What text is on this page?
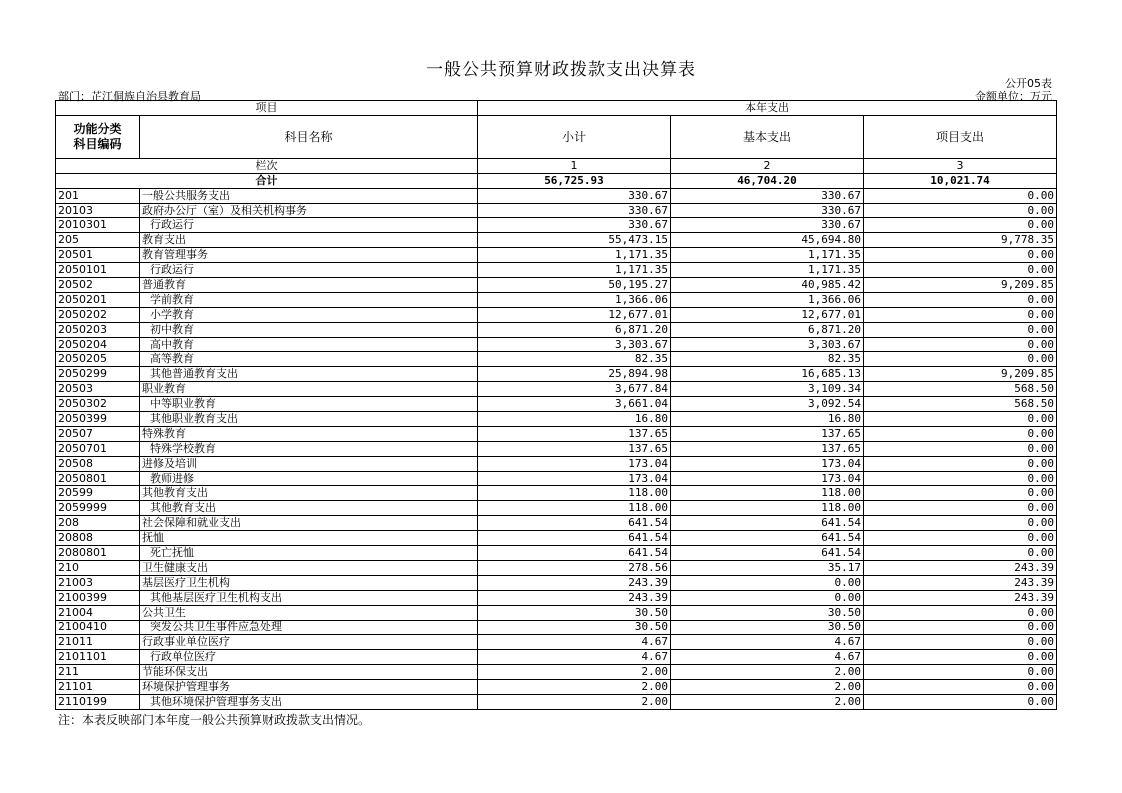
一般公共预算财政拨款支出决算表
公开05表
部门：芷江侗族自治县教育局	金额单位：万元
项目		本年支出		
功能分类
科目编码	科目名称	小计	基本支出	项目支出
栏次		1	2	3
合计		56,725.93	46,704.20	10,021.74
201	一般公共服务支出	330.67	330.67	0.00
20103	政府办公厅（室）及相关机构事务	330.67	330.67	0.00
2010301	行政运行	330.67	330.67	0.00
205	教育支出	55,473.15	45,694.80	9,778.35
20501	教育管理事务	1,171.35	1,171.35	0.00
2050101	行政运行	1,171.35	1,171.35	0.00
20502	普通教育	50,195.27	40,985.42	9,209.85
2050201	学前教育	1,366.06	1,366.06	0.00
2050202	小学教育	12,677.01	12,677.01	0.00
2050203	初中教育	6,871.20	6,871.20	0.00
2050204	高中教育	3,303.67	3,303.67	0.00
2050205	高等教育	82.35	82.35	0.00
2050299	其他普通教育支出	25,894.98	16,685.13	9,209.85
20503	职业教育	3,677.84	3,109.34	568.50
2050302	中等职业教育	3,661.04	3,092.54	568.50
2050399	其他职业教育支出	16.80	16.80	0.00
20507	特殊教育	137.65	137.65	0.00
2050701	特殊学校教育	137.65	137.65	0.00
20508	进修及培训	173.04	173.04	0.00
2050801	教师进修	173.04	173.04	0.00
20599	其他教育支出	118.00	118.00	0.00
2059999	其他教育支出	118.00	118.00	0.00
208	社会保障和就业支出	641.54	641.54	0.00
20808	抚恤	641.54	641.54	0.00
2080801	死亡抚恤	641.54	641.54	0.00
210	卫生健康支出	278.56	35.17	243.39
21003	基层医疗卫生机构	243.39	0.00	243.39
2100399	其他基层医疗卫生机构支出	243.39	0.00	243.39
21004	公共卫生	30.50	30.50	0.00
2100410	突发公共卫生事件应急处理	30.50	30.50	0.00
21011	行政事业单位医疗	4.67	4.67	0.00
2101101	行政单位医疗	4.67	4.67	0.00
211	节能环保支出	2.00	2.00	0.00
21101	环境保护管理事务	2.00	2.00	0.00
2110199	其他环境保护管理事务支出	2.00	2.00	0.00
注：本表反映部门本年度一般公共预算财政拨款支出情况。
